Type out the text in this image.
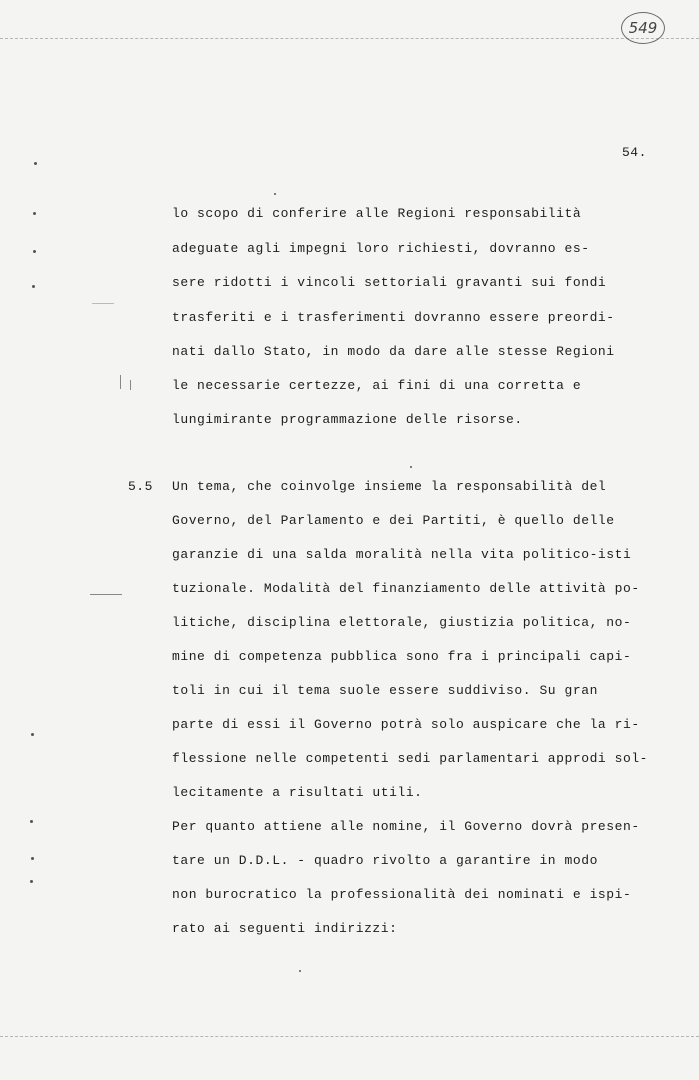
549
54.
lo scopo di conferire alle Regioni responsabilità
adeguate agli impegni loro richiesti, dovranno es-
sere ridotti i vincoli settoriali gravanti sui fondi
trasferiti e i trasferimenti dovranno essere preordi-
nati dallo Stato, in modo da dare alle stesse Regioni
le necessarie certezze, ai fini di una corretta e
lungimirante programmazione delle risorse.
5.5 Un tema, che coinvolge insieme la responsabilità del
Governo, del Parlamento e dei Partiti, è quello delle
garanzie di una salda moralità nella vita politico-isti
tuzionale. Modalità del finanziamento delle attività po-
litiche, disciplina elettorale, giustizia politica, no-
mine di competenza pubblica sono fra i principali capi-
toli in cui il tema suole essere suddiviso. Su gran
parte di essi il Governo potrà solo auspicare che la ri-
flessione nelle competenti sedi parlamentari approdi sol-
lecitamente a risultati utili.
Per quanto attiene alle nomine, il Governo dovrà presen-
tare un D.D.L. - quadro rivolto a garantire in modo
non burocratico la professionalità dei nominati e ispi-
rato ai seguenti indirizzi:
